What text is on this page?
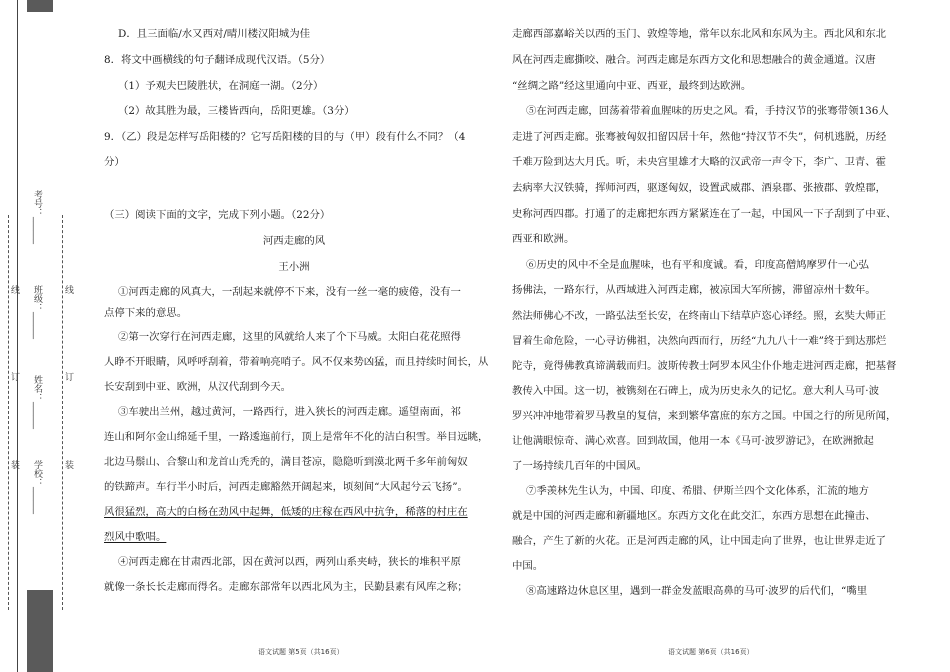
考号：______
班级：______
姓名：______
学校：______
线
订
装
线
订
装
D．且三面临/水又西对/晴川楼汉阳城为佳
8．将文中画横线的句子翻译成现代汉语。（5分）
（1）予观夫巴陵胜状，在洞庭一湖。（2分）
（2）故其胜为最，三楼皆西向，岳阳更雄。（3分）
9．（乙）段是怎样写岳阳楼的？它写岳阳楼的目的与（甲）段有什么不同？（4
分）
（三）阅读下面的文字，完成下列小题。（22分）
河西走廊的风
王小洲
①河西走廊的风真大，一刮起来就停不下来，没有一丝一毫的疲倦，没有一
点停下来的意思。
②第一次穿行在河西走廊，这里的风就给人来了个下马威。太阳白花花照得
人睁不开眼睛，风呼呼刮着，带着响亮哨子。风不仅来势凶猛，而且持续时间长，从
长安刮到中亚、欧洲，从汉代刮到今天。
③车驶出兰州，越过黄河，一路西行，进入狭长的河西走廊。遥望南面，祁
连山和阿尔金山绵延千里，一路逶迤前行，顶上是常年不化的洁白积雪。举目远眺，
北边马鬃山、合黎山和龙首山秃秃的，满目苍凉，隐隐听到漠北两千多年前匈奴
的铁蹄声。车行半小时后，河西走廊豁然开阔起来，顷刻间“大风起兮云飞扬”。
风很猛烈，高大的白杨在劲风中起舞，低矮的庄稼在西风中抗争，稀落的村庄在
烈风中歌唱。
④河西走廊在甘肃西北部，因在黄河以西，两列山系夹峙，狭长的堆积平原
就像一条长长走廊而得名。走廊东部常年以西北风为主，民勤县素有风库之称；
语文试题 第5页（共16页）
走廊西部嘉峪关以西的玉门、敦煌等地，常年以东北风和东风为主。西北风和东北
风在河西走廊撕咬、融合。河西走廊是东西方文化和思想融合的黄金通道。汉唐
“丝绸之路”经这里通向中亚、西亚，最终到达欧洲。
⑤在河西走廊，回荡着带着血腥味的历史之风。看，手持汉节的张骞带领136人
走进了河西走廊。张骞被匈奴扣留囚居十年，然他“持汉节不失”，伺机逃脱，历经
千难万险到达大月氏。听，未央宫里雄才大略的汉武帝一声令下，李广、卫青、霍
去病率大汉铁骑，挥师河西，驱逐匈奴，设置武威郡、酒泉郡、张掖郡、敦煌郡，
史称河西四郡。打通了的走廊把东西方紧紧连在了一起，中国风一下子刮到了中亚、
西亚和欧洲。
⑥历史的风中不全是血腥味，也有平和度诚。看，印度高僧鸠摩罗什一心弘
扬佛法，一路东行，从西域进入河西走廊，被凉国大军所掳，滞留凉州十数年。
然法师佛心不改，一路弘法至长安，在终南山下结草庐恣心译经。照，玄奘大师正
冒着生命危险，一心寻访佛祖，决然向西而行，历经“九九八十一难”终于到达那烂
陀寺，竟得佛教真谛满载而归。波斯传教士阿罗本风尘仆仆地走进河西走廊，把基督
教传入中国。这一切，被镌刻在石碑上，成为历史永久的记忆。意大利人马可·波
罗兴冲冲地带着罗马教皇的复信，来到繁华富庶的东方之国。中国之行的所见所闻，
让他满眼惊奇、满心欢喜。回到故国，他用一本《马可·波罗游记》，在欧洲掀起
了一场持续几百年的中国风。
⑦季羡林先生认为，中国、印度、希腊、伊斯兰四个文化体系，汇流的地方
就是中国的河西走廊和新疆地区。东西方文化在此交汇，东西方思想在此撞击、
融合，产生了新的火花。正是河西走廊的风，让中国走向了世界，也让世界走近了
中国。
⑧高速路边休息区里，遇到一群金发蓝眼高鼻的马可·波罗的后代们，“嘴里
语文试题 第6页（共16页）
